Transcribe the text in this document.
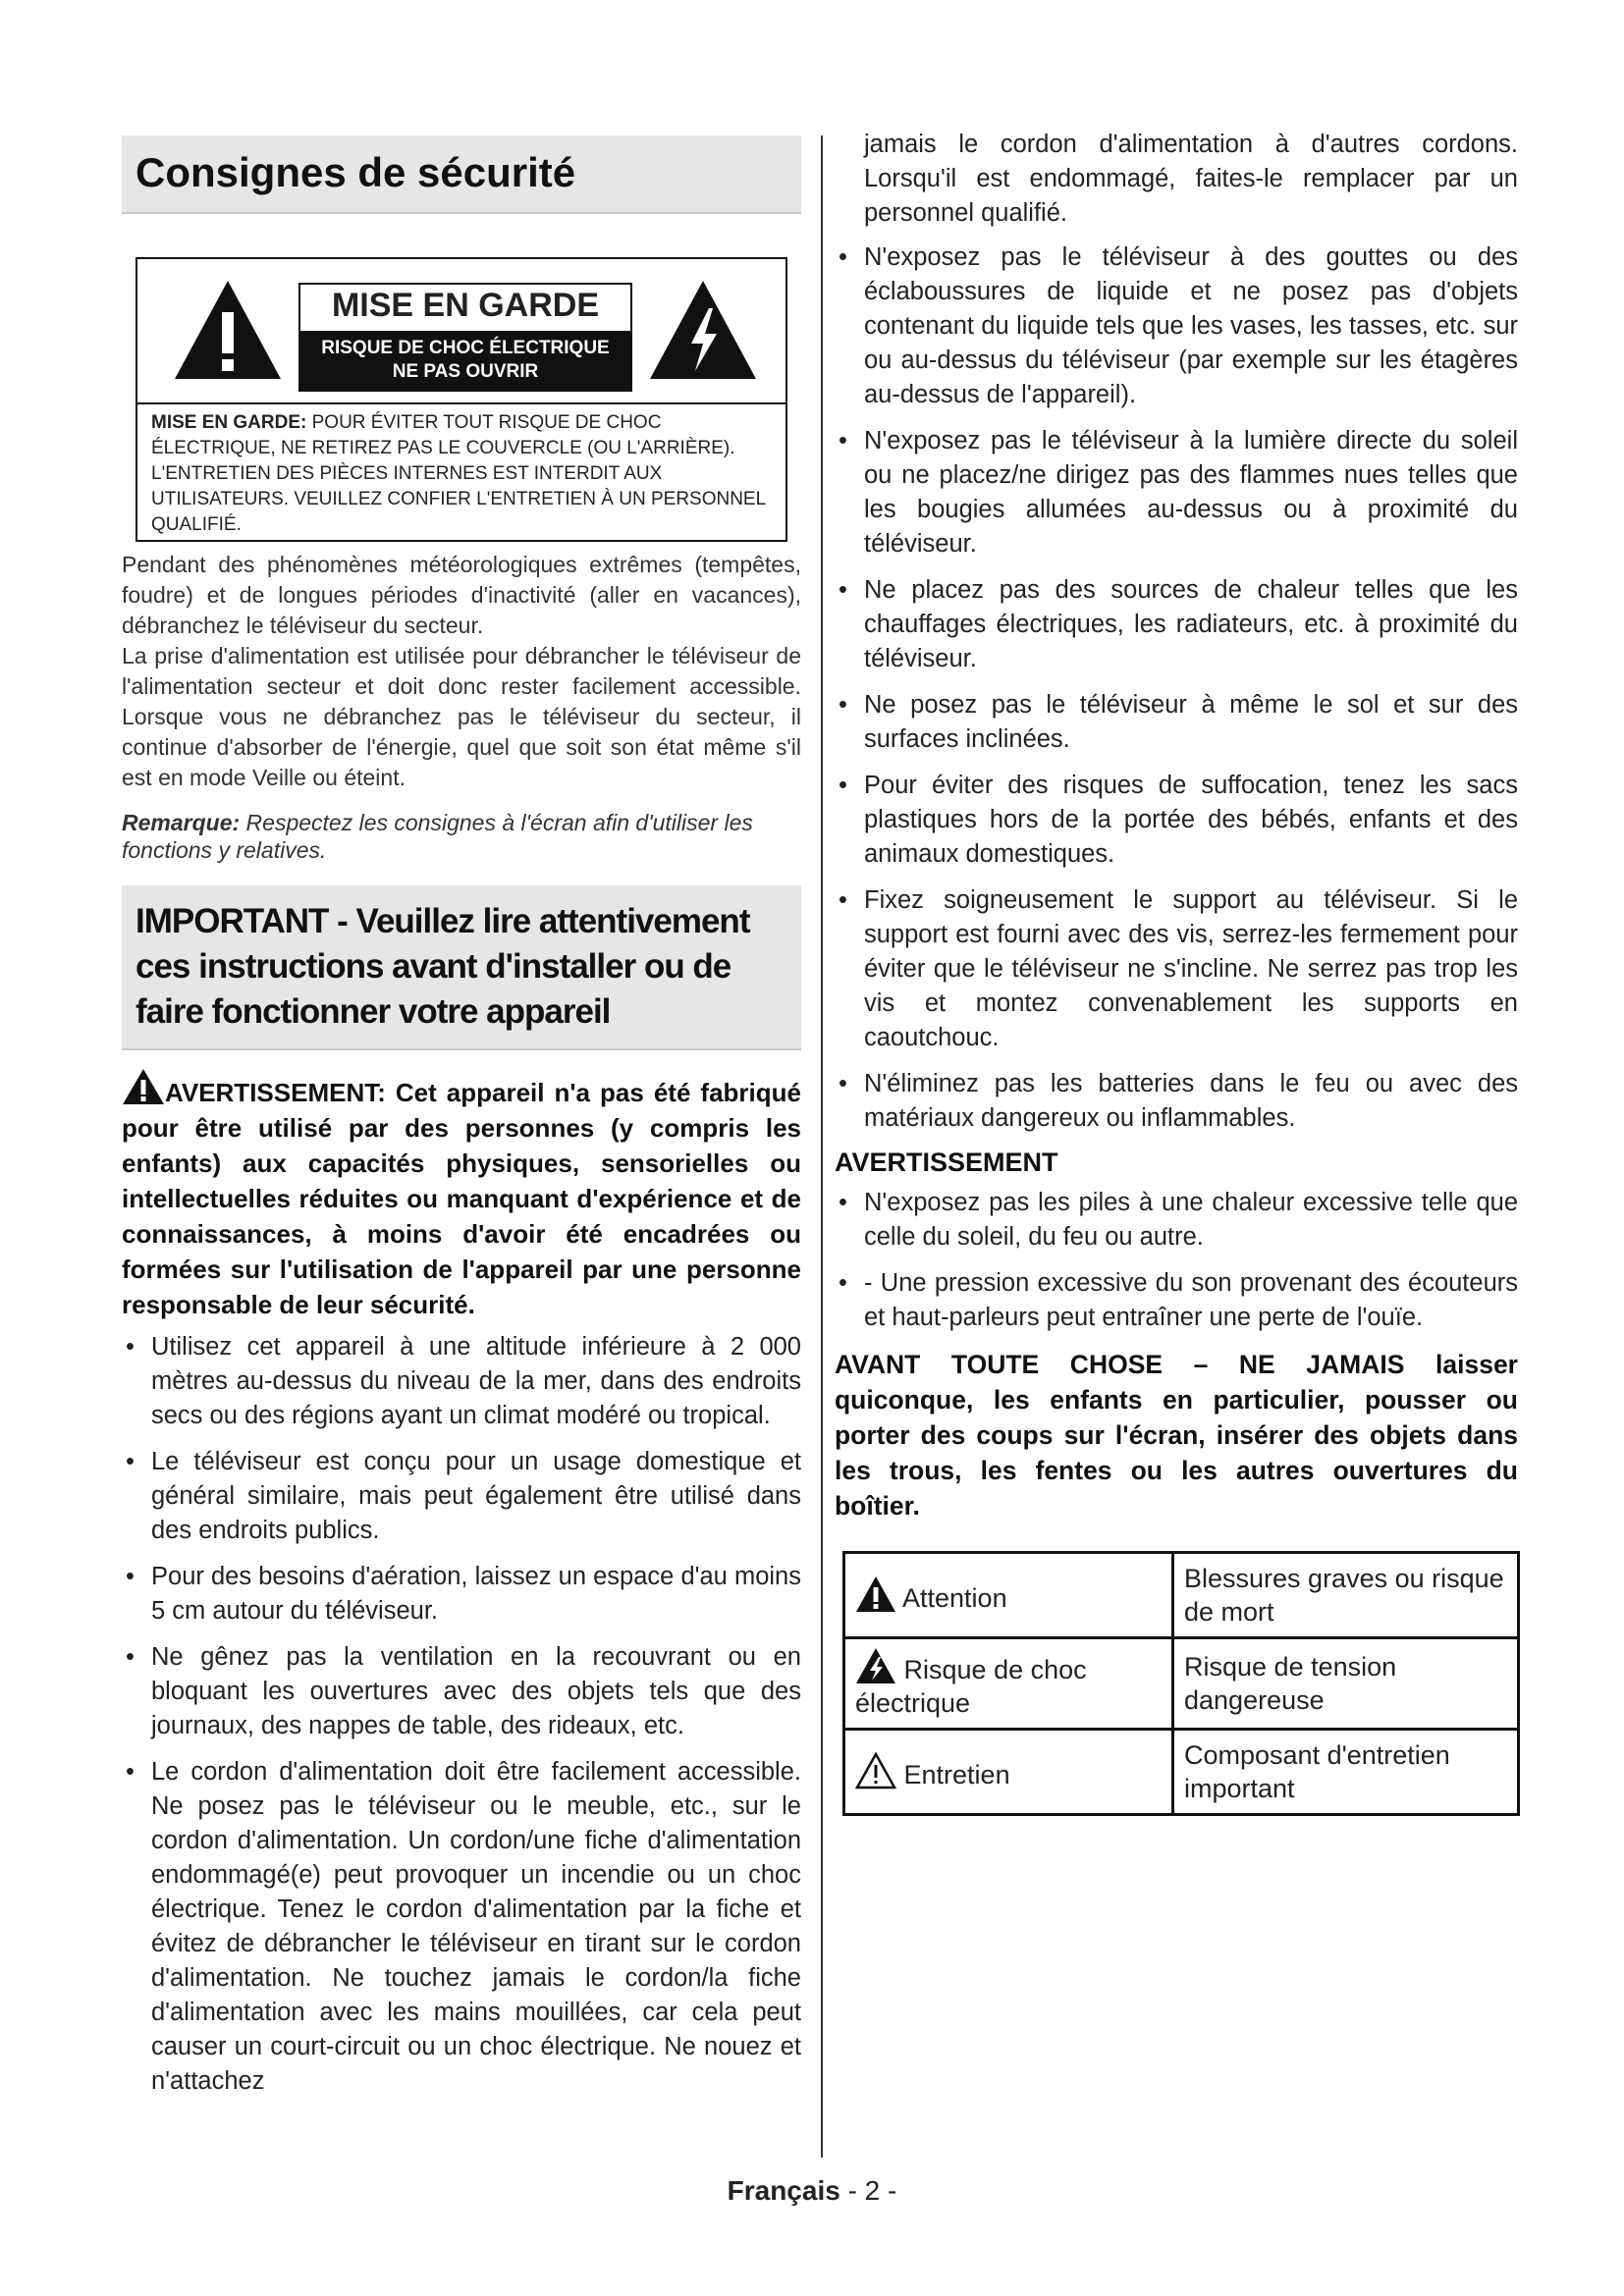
Consignes de sécurité
MISE EN GARDE
RISQUE DE CHOC ÉLECTRIQUE
NE PAS OUVRIR
MISE EN GARDE: POUR ÉVITER TOUT RISQUE DE CHOC ÉLECTRIQUE, NE RETIREZ PAS LE COUVERCLE (OU L'ARRIÈRE).
L'ENTRETIEN DES PIÈCES INTERNES EST INTERDIT AUX UTILISATEURS. VEUILLEZ CONFIER L'ENTRETIEN À UN PERSONNEL QUALIFIÉ.

Pendant des phénomènes météorologiques extrêmes (tempêtes, foudre) et de longues périodes d'inactivité (aller en vacances), débranchez le téléviseur du secteur.

La prise d'alimentation est utilisée pour débrancher le téléviseur de l'alimentation secteur et doit donc rester facilement accessible. Lorsque vous ne débranchez pas le téléviseur du secteur, il continue d'absorber de l'énergie, quel que soit son état même s'il est en mode Veille ou éteint.

Remarque: Respectez les consignes à l'écran afin d'utiliser les fonctions y relatives.
IMPORTANT - Veuillez lire attentivement
ces instructions avant d'installer ou de
faire fonctionner votre appareil
AVERTISSEMENT: Cet appareil n'a pas été fabriqué pour être utilisé par des personnes (y compris les enfants) aux capacités physiques, sensorielles ou intellectuelles réduites ou manquant d'expérience et de connaissances, à moins d'avoir été encadrées ou formées sur l'utilisation de l'appareil par une personne responsable de leur sécurité.
• Utilisez cet appareil à une altitude inférieure à 2 000 mètres au-dessus du niveau de la mer, dans des endroits secs ou des régions ayant un climat modéré ou tropical.
• Le téléviseur est conçu pour un usage domestique et général similaire, mais peut également être utilisé dans des endroits publics.
• Pour des besoins d'aération, laissez un espace d'au moins 5 cm autour du téléviseur.
• Ne gênez pas la ventilation en la recouvrant ou en bloquant les ouvertures avec des objets tels que des journaux, des nappes de table, des rideaux, etc.
• Le cordon d'alimentation doit être facilement accessible. Ne posez pas le téléviseur ou le meuble, etc., sur le cordon d'alimentation. Un cordon/une fiche d'alimentation endommagé(e) peut provoquer un incendie ou un choc électrique. Tenez le cordon d'alimentation par la fiche et évitez de débrancher le téléviseur en tirant sur le cordon d'alimentation. Ne touchez jamais le cordon/la fiche d'alimentation avec les mains mouillées, car cela peut causer un court-circuit ou un choc électrique. Ne nouez et n'attachez

jamais le cordon d'alimentation à d'autres cordons. Lorsqu'il est endommagé, faites-le remplacer par un personnel qualifié.

• N'exposez pas le téléviseur à des gouttes ou des éclaboussures de liquide et ne posez pas d'objets contenant du liquide tels que les vases, les tasses, etc. sur ou au-dessus du téléviseur (par exemple sur les étagères au-dessus de l'appareil).
• N'exposez pas le téléviseur à la lumière directe du soleil ou ne placez/ne dirigez pas des flammes nues telles que les bougies allumées au-dessus ou à proximité du téléviseur.
• Ne placez pas des sources de chaleur telles que les chauffages électriques, les radiateurs, etc. à proximité du téléviseur.
• Ne posez pas le téléviseur à même le sol et sur des surfaces inclinées.
• Pour éviter des risques de suffocation, tenez les sacs plastiques hors de la portée des bébés, enfants et des animaux domestiques.
• Fixez soigneusement le support au téléviseur. Si le support est fourni avec des vis, serrez-les fermement pour éviter que le téléviseur ne s'incline. Ne serrez pas trop les vis et montez convenablement les supports en caoutchouc.
• N'éliminez pas les batteries dans le feu ou avec des matériaux dangereux ou inflammables.
AVERTISSEMENT
• N'exposez pas les piles à une chaleur excessive telle que celle du soleil, du feu ou autre.
• - Une pression excessive du son provenant des écouteurs et haut-parleurs peut entraîner une perte de l'ouïe.
AVANT TOUTE CHOSE – NE JAMAIS laisser quiconque, les enfants en particulier, pousser ou porter des coups sur l'écran, insérer des objets dans les trous, les fentes ou les autres ouvertures du boîtier.
Attention	Blessures graves ou risque de mort
Risque de choc électrique	Risque de tension dangereuse
Entretien	Composant d'entretien important
Français - 2 -
